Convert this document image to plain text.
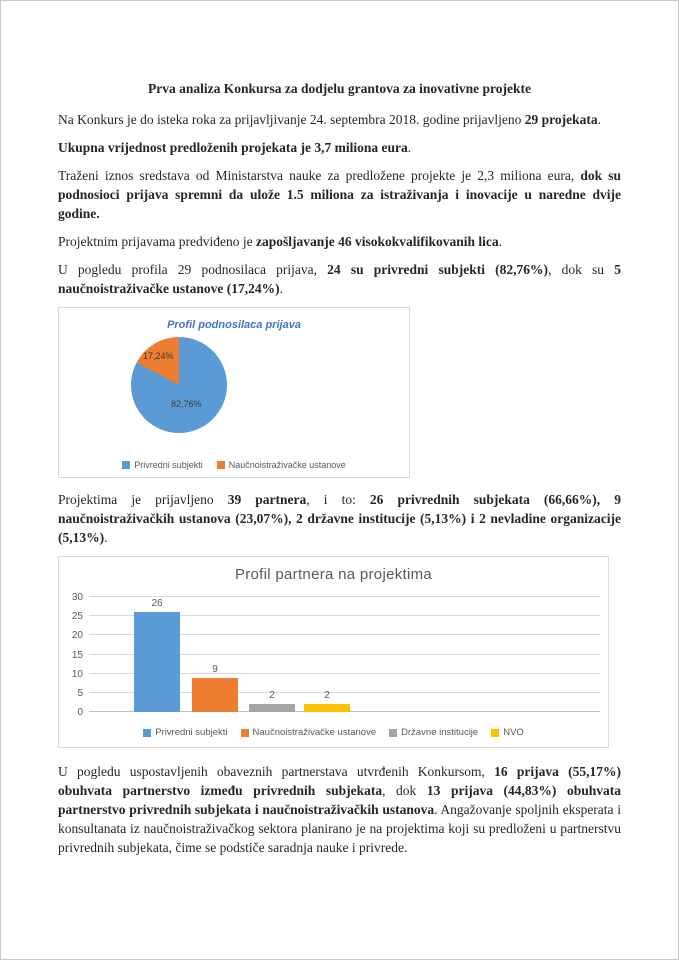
Prva analiza Konkursa za dodjelu grantova za inovativne projekte

Na Konkurs je do isteka roka za prijavljivanje 24. septembra 2018. godine prijavljeno 29 projekata.

Ukupna vrijednost predloženih projekata je 3,7 miliona eura.

Traženi iznos sredstava od Ministarstva nauke za predložene projekte je 2,3 miliona eura, dok su podnosioci prijava spremni da ulože 1.5 miliona za istraživanja i inovacije u naredne dvije godine.

Projektnim prijavama predviđeno je zapošljavanje 46 visokokvalifikovanih lica.

U pogledu profila 29 podnosilaca prijava, 24 su privredni subjekti (82,76%), dok su 5 naučnoistraživačke ustanove (17,24%).

Profil podnosilaca prijava
82,76%
17,24%
Privredni subjekti	Naučnoistraživačke ustanove

Projektima je prijavljeno 39 partnera, i to: 26 privrednih subjekata (66,66%), 9 naučnoistraživačkih ustanova (23,07%), 2 državne institucije (5,13%) i 2 nevladine organizacije (5,13%).

Profil partnera na projektima
0
5
10
15
20
25
30
26
9
2	2
Privredni subjekti	Naučnoistraživačke ustanove	Državne institucije	NVO

U pogledu uspostavljenih obaveznih partnerstava utvrđenih Konkursom, 16 prijava (55,17%) obuhvata partnerstvo između privrednih subjekata, dok 13 prijava (44,83%) obuhvata partnerstvo privrednih subjekata i naučnoistraživačkih ustanova. Angažovanje spoljnih eksperata i konsultanata iz naučnoistraživačkog sektora planirano je na projektima koji su predloženi u partnerstvu privrednih subjekata, čime se podstiče saradnja nauke i privrede.
